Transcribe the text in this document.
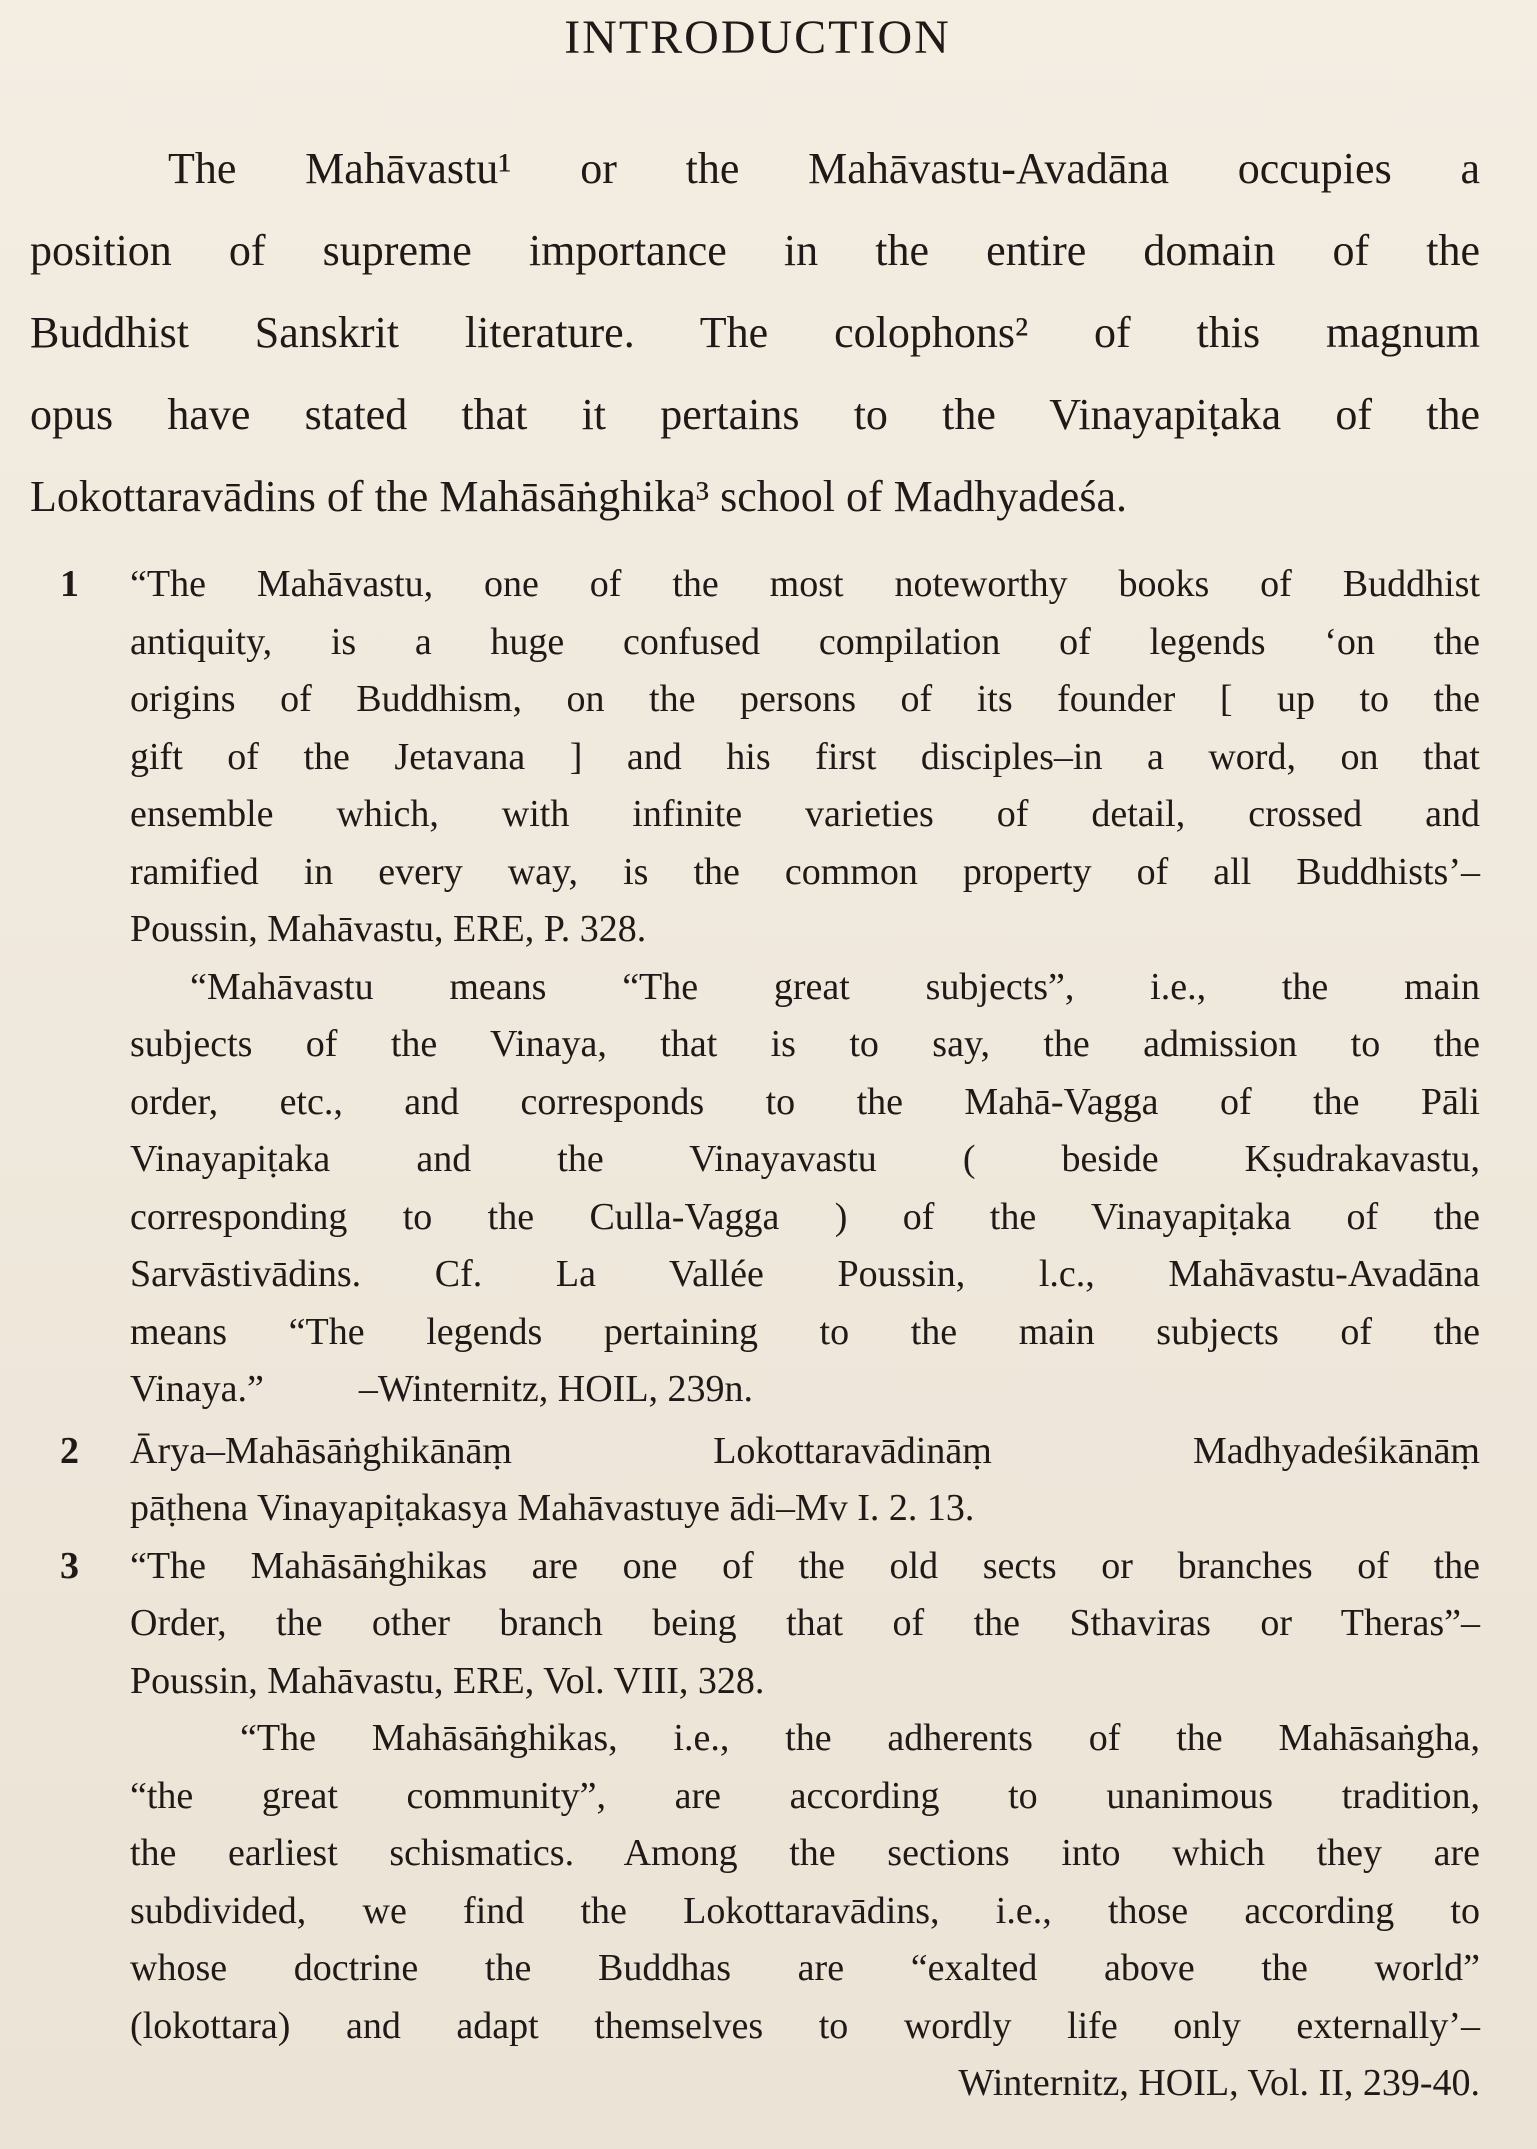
INTRODUCTION
The Mahāvastu¹ or the Mahāvastu-Avadāna occupies a
position of supreme importance in the entire domain of the
Buddhist Sanskrit literature. The colophons² of this magnum
opus have stated that it pertains to the Vinayapiṭaka of the
Lokottaravādins of the Mahāsāṅghika³ school of Madhyadeśa.
1 “The Mahāvastu, one of the most noteworthy books of Buddhist
antiquity, is a huge confused compilation of legends ‘on the
origins of Buddhism, on the persons of its founder [ up to the
gift of the Jetavana ] and his first disciples–in a word, on that
ensemble which, with infinite varieties of detail, crossed and
ramified in every way, is the common property of all Buddhists’–
Poussin, Mahāvastu, ERE, P. 328.
“Mahāvastu means “The great subjects”, i.e., the main
subjects of the Vinaya, that is to say, the admission to the
order, etc., and corresponds to the Mahā-Vagga of the Pāli
Vinayapiṭaka and the Vinayavastu ( beside Kṣudrakavastu,
corresponding to the Culla-Vagga ) of the Vinayapiṭaka of the
Sarvāstivādins. Cf. La Vallée Poussin, l.c., Mahāvastu-Avadāna
means “The legends pertaining to the main subjects of the
Vinaya.”          –Winternitz, HOIL, 239n.
2 Ārya–Mahāsāṅghikānāṃ Lokottaravādināṃ Madhyadeśikānāṃ
pāṭhena Vinayapiṭakasya Mahāvastuye ādi–Mv I. 2. 13.
3 “The Mahāsāṅghikas are one of the old sects or branches of the
Order, the other branch being that of the Sthaviras or Theras”–
Poussin, Mahāvastu, ERE, Vol. VIII, 328.
“The Mahāsāṅghikas, i.e., the adherents of the Mahāsaṅgha,
“the great community”, are according to unanimous tradition,
the earliest schismatics. Among the sections into which they are
subdivided, we find the Lokottaravādins, i.e., those according to
whose doctrine the Buddhas are “exalted above the world”
(lokottara) and adapt themselves to wordly life only externally’–
Winternitz, HOIL, Vol. II, 239-40.
